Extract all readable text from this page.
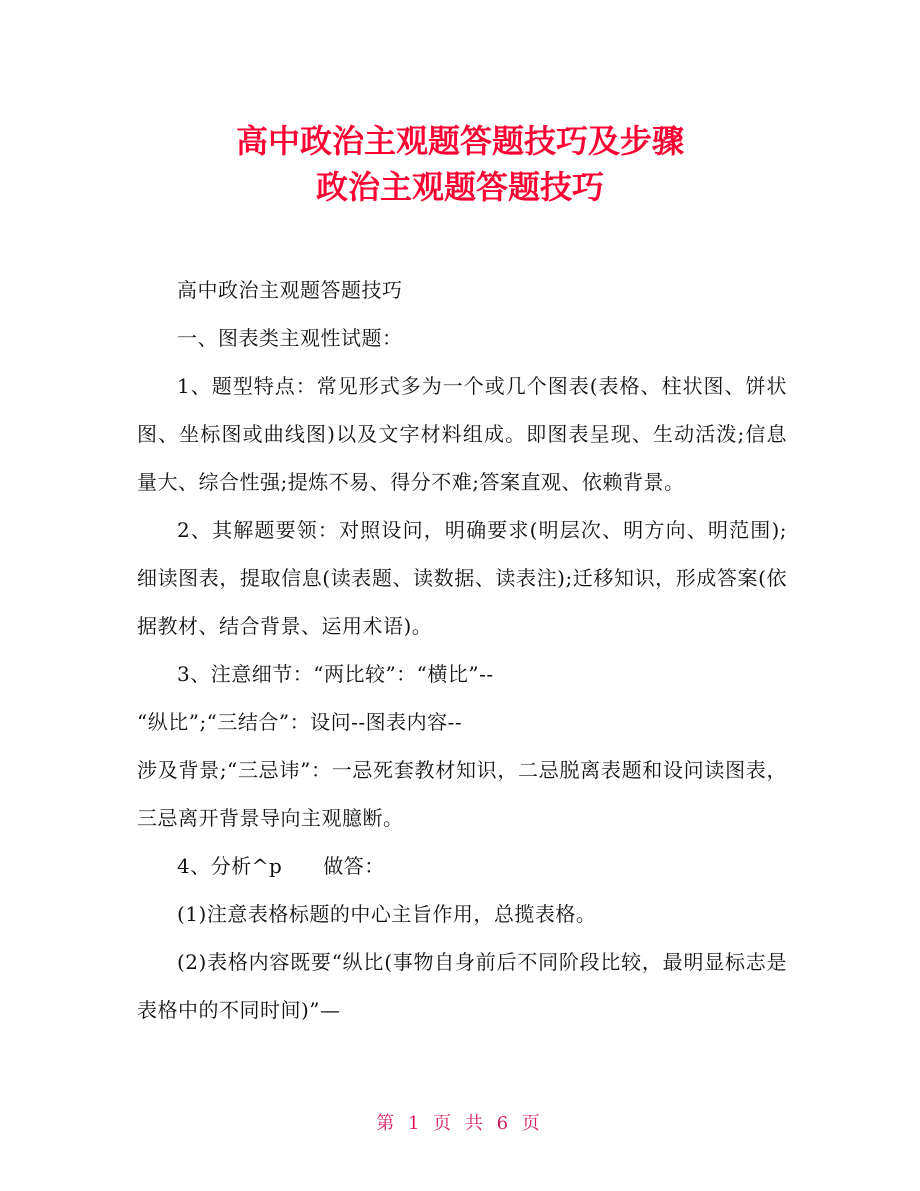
高中政治主观题答题技巧及步骤
政治主观题答题技巧

高中政治主观题答题技巧

一、图表类主观性试题：

1、题型特点：常见形式多为一个或几个图表(表格、柱状图、饼状图、坐标图或曲线图)以及文字材料组成。即图表呈现、生动活泼;信息量大、综合性强;提炼不易、得分不难;答案直观、依赖背景。

2、其解题要领：对照设问，明确要求(明层次、明方向、明范围);细读图表，提取信息(读表题、读数据、读表注);迁移知识，形成答案(依据教材、结合背景、运用术语)。

3、注意细节：“两比较”：“横比”--
“纵比”;“三结合”：设问--图表内容--
涉及背景;“三忌讳”：一忌死套教材知识，二忌脱离表题和设问读图表，三忌离开背景导向主观臆断。

4、分析^p　　做答：

(1)注意表格标题的中心主旨作用，总揽表格。

(2)表格内容既要“纵比(事物自身前后不同阶段比较，最明显标志是表格中的不同时间)”—

第 1 页 共 6 页
